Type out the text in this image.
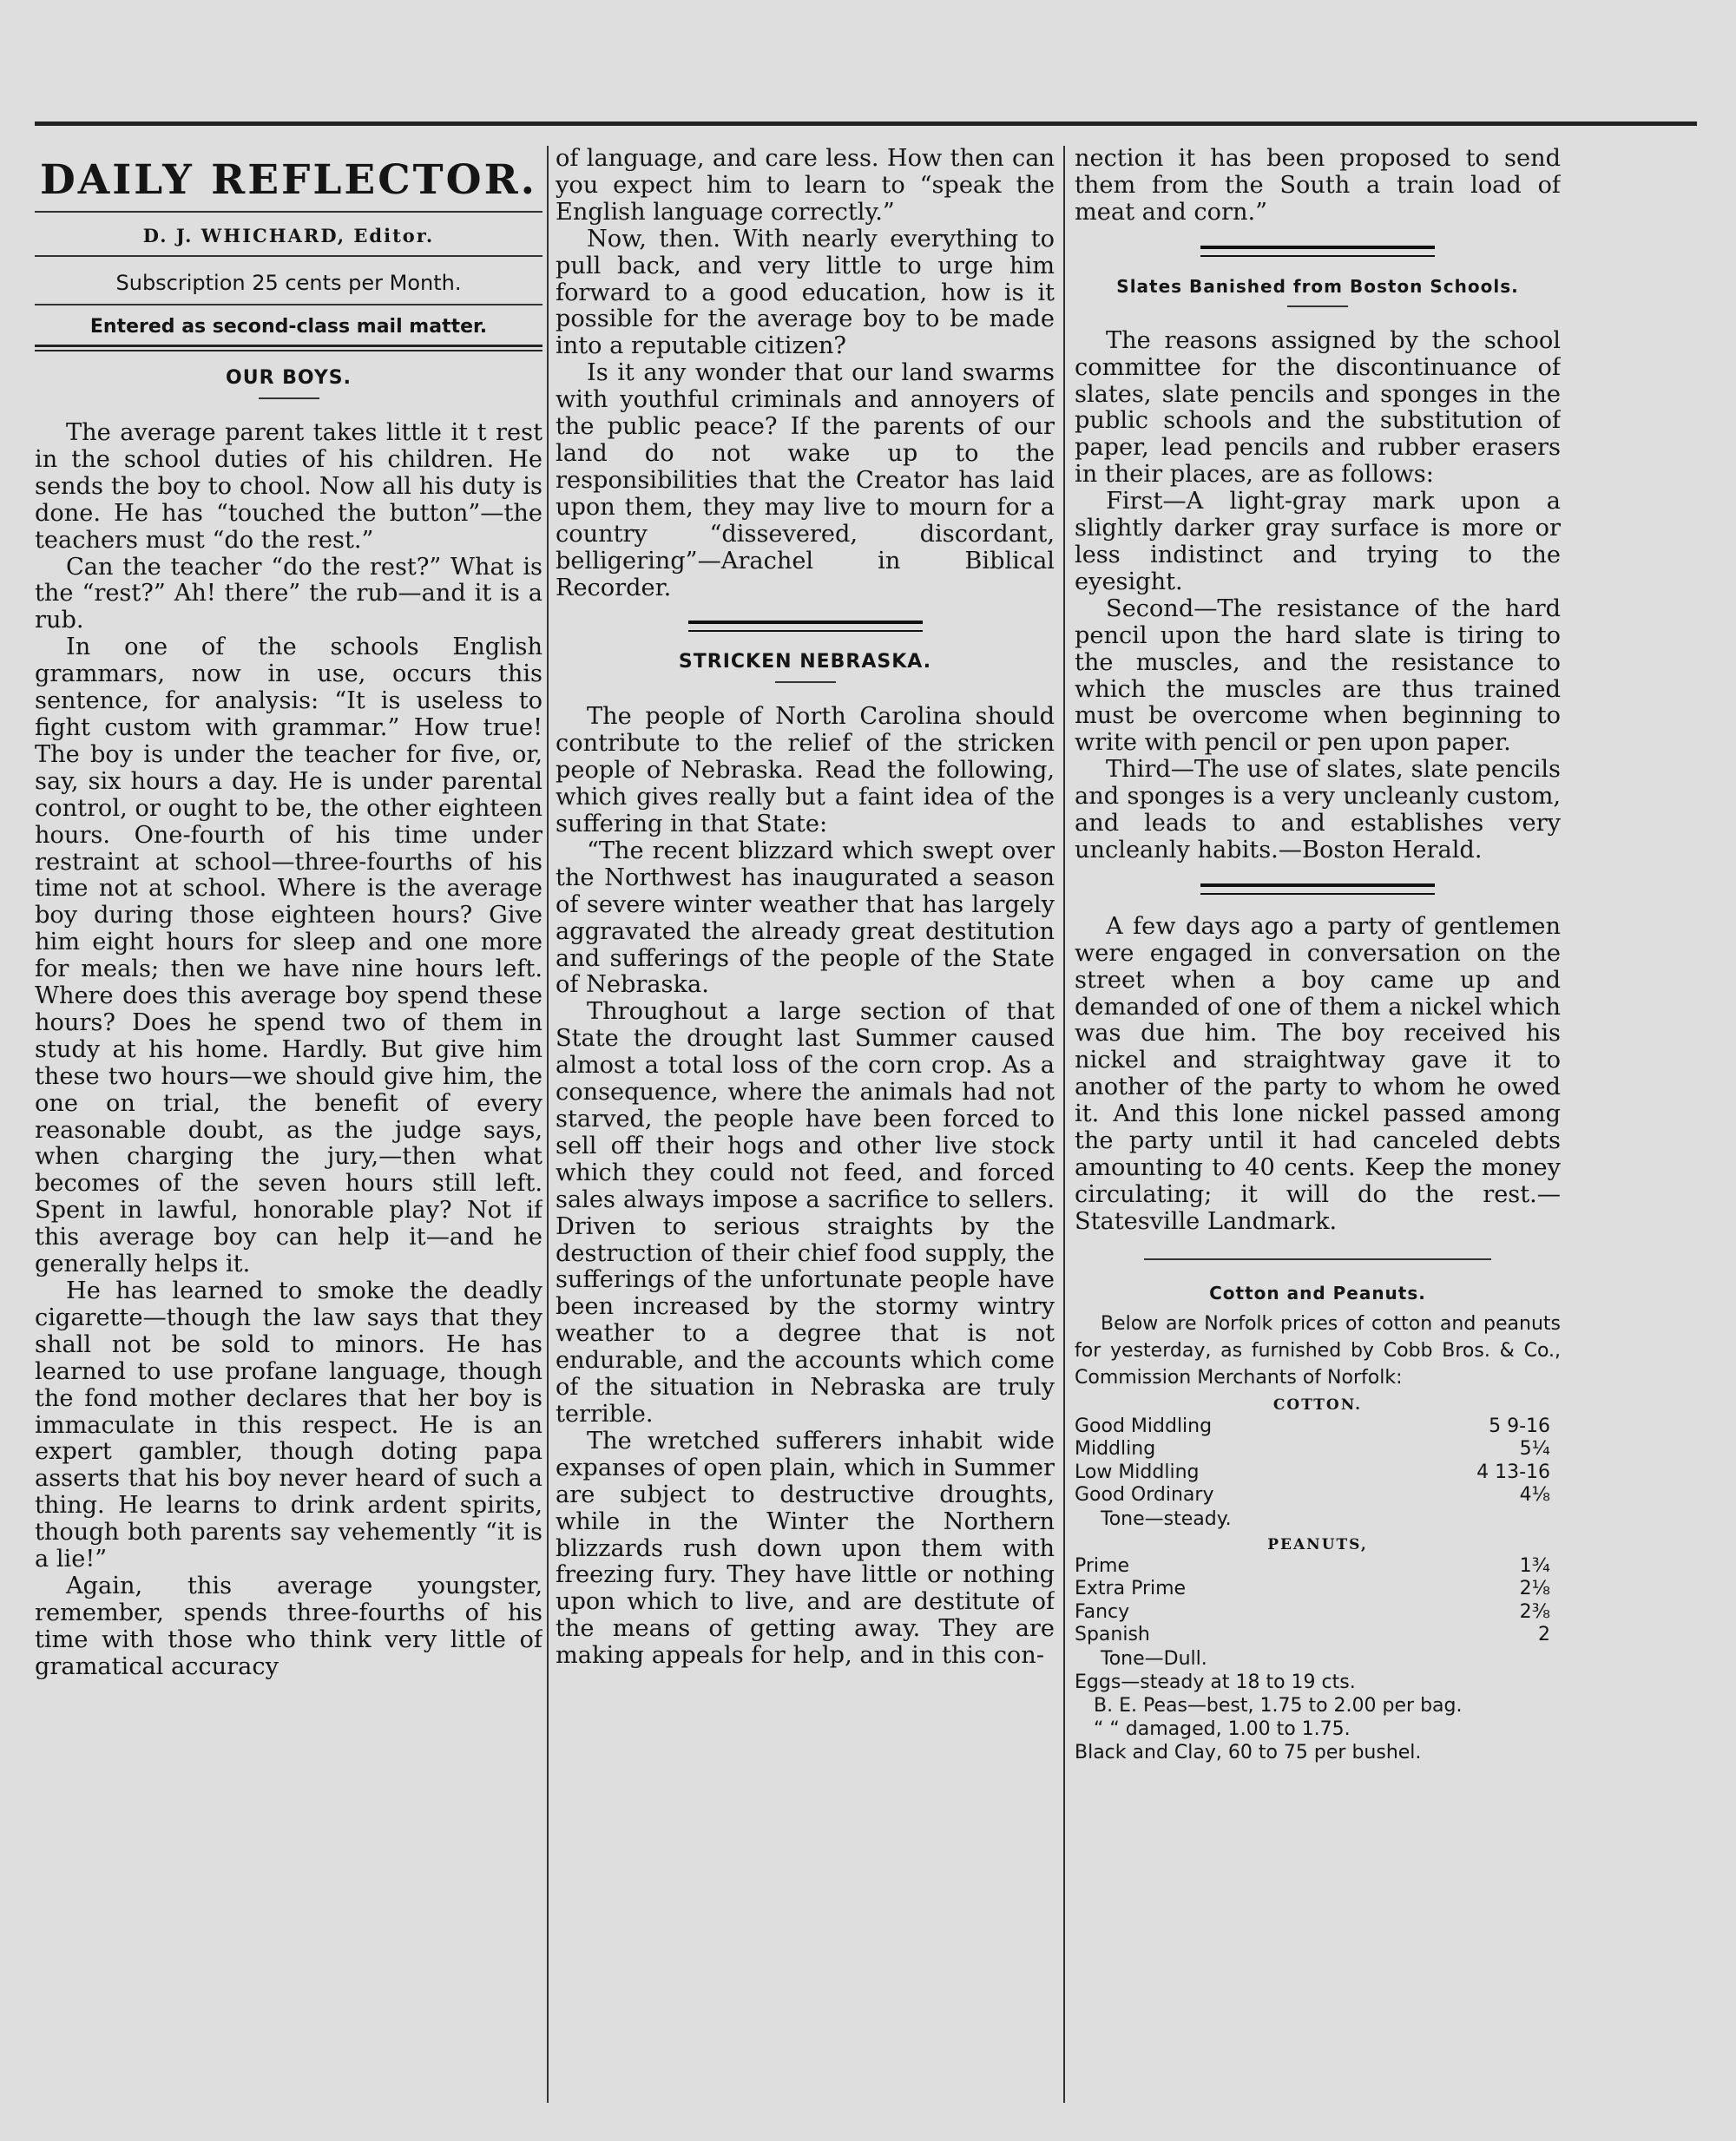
DAILY REFLECTOR.
D. J. WHICHARD, Editor.
Subscription 25 cents per Month.
Entered as second-class mail matter.
OUR BOYS.

The average parent takes little it t rest in the school duties of his children. He sends the boy to chool. Now all his duty is done. He has “touched the button”—the teachers must “do the rest.”

Can the teacher “do the rest?” What is the “rest?” Ah! there” the rub—and it is a rub.

In one of the schools English grammars, now in use, occurs this sentence, for analysis: “It is useless to fight custom with grammar.” How true! The boy is under the teacher for five, or, say, six hours a day. He is under parental control, or ought to be, the other eighteen hours. One-fourth of his time under restraint at school—three-fourths of his time not at school. Where is the average boy during those eighteen hours? Give him eight hours for sleep and one more for meals; then we have nine hours left. Where does this average boy spend these hours? Does he spend two of them in study at his home. Hardly. But give him these two hours—we should give him, the one on trial, the benefit of every reasonable doubt, as the judge says, when charging the jury,—then what becomes of the seven hours still left. Spent in lawful, honorable play? Not if this average boy can help it—and he generally helps it.

He has learned to smoke the deadly cigarette—though the law says that they shall not be sold to minors. He has learned to use profane language, though the fond mother declares that her boy is immaculate in this respect. He is an expert gambler, though doting papa asserts that his boy never heard of such a thing. He learns to drink ardent spirits, though both parents say vehemently “it is a lie!”

Again, this average youngster, remember, spends three-fourths of his time with those who think very little of gramatical accuracy

of language, and care less. How then can you expect him to learn to “speak the English language correctly.”

Now, then. With nearly everything to pull back, and very little to urge him forward to a good education, how is it possible for the average boy to be made into a reputable citizen?

Is it any wonder that our land swarms with youthful criminals and annoyers of the public peace? If the parents of our land do not wake up to the responsibilities that the Creator has laid upon them, they may live to mourn for a country “dissevered, discordant, belligering”—Arachel in Biblical Recorder.

STRICKEN NEBRASKA.

The people of North Carolina should contribute to the relief of the stricken people of Nebraska. Read the following, which gives really but a faint idea of the suffering in that State:

“The recent blizzard which swept over the Northwest has inaugurated a season of severe winter weather that has largely aggravated the already great destitution and sufferings of the people of the State of Nebraska.

Throughout a large section of that State the drought last Summer caused almost a total loss of the corn crop. As a consequence, where the animals had not starved, the people have been forced to sell off their hogs and other live stock which they could not feed, and forced sales always impose a sacrifice to sellers. Driven to serious straights by the destruction of their chief food supply, the sufferings of the unfortunate people have been increased by the stormy wintry weather to a degree that is not endurable, and the accounts which come of the situation in Nebraska are truly terrible.

The wretched sufferers inhabit wide expanses of open plain, which in Summer are subject to destructive droughts, while in the Winter the Northern blizzards rush down upon them with freezing fury. They have little or nothing upon which to live, and are destitute of the means of getting away. They are making appeals for help, and in this con-

nection it has been proposed to send them from the South a train load of meat and corn.”

Slates Banished from Boston Schools.

The reasons assigned by the school committee for the discontinuance of slates, slate pencils and sponges in the public schools and the substitution of paper, lead pencils and rubber erasers in their places, are as follows:

First—A light-gray mark upon a slightly darker gray surface is more or less indistinct and trying to the eyesight.

Second—The resistance of the hard pencil upon the hard slate is tiring to the muscles, and the resistance to which the muscles are thus trained must be overcome when beginning to write with pencil or pen upon paper.

Third—The use of slates, slate pencils and sponges is a very uncleanly custom, and leads to and establishes very uncleanly habits.—Boston Herald.

A few days ago a party of gentlemen were engaged in conversation on the street when a boy came up and demanded of one of them a nickel which was due him. The boy received his nickel and straightway gave it to another of the party to whom he owed it. And this lone nickel passed among the party until it had canceled debts amounting to 40 cents. Keep the money circulating; it will do the rest.—Statesville Landmark.

Cotton and Peanuts.
Below are Norfolk prices of cotton and peanuts for yesterday, as furnished by Cobb Bros. & Co., Commission Merchants of Norfolk:
COTTON.
Good Middling	5 9-16
Middling	5¼
Low Middling	4 13-16
Good Ordinary	4⅛
Tone—steady.
PEANUTS,
Prime	1¾
Extra Prime	2⅛
Fancy	2⅜
Spanish	2
Tone—Dull.
Eggs—steady at 18 to 19 cts.
B. E. Peas—best, 1.75 to 2.00 per bag.
“ “ damaged, 1.00 to 1.75.
Black and Clay, 60 to 75 per bushel.
